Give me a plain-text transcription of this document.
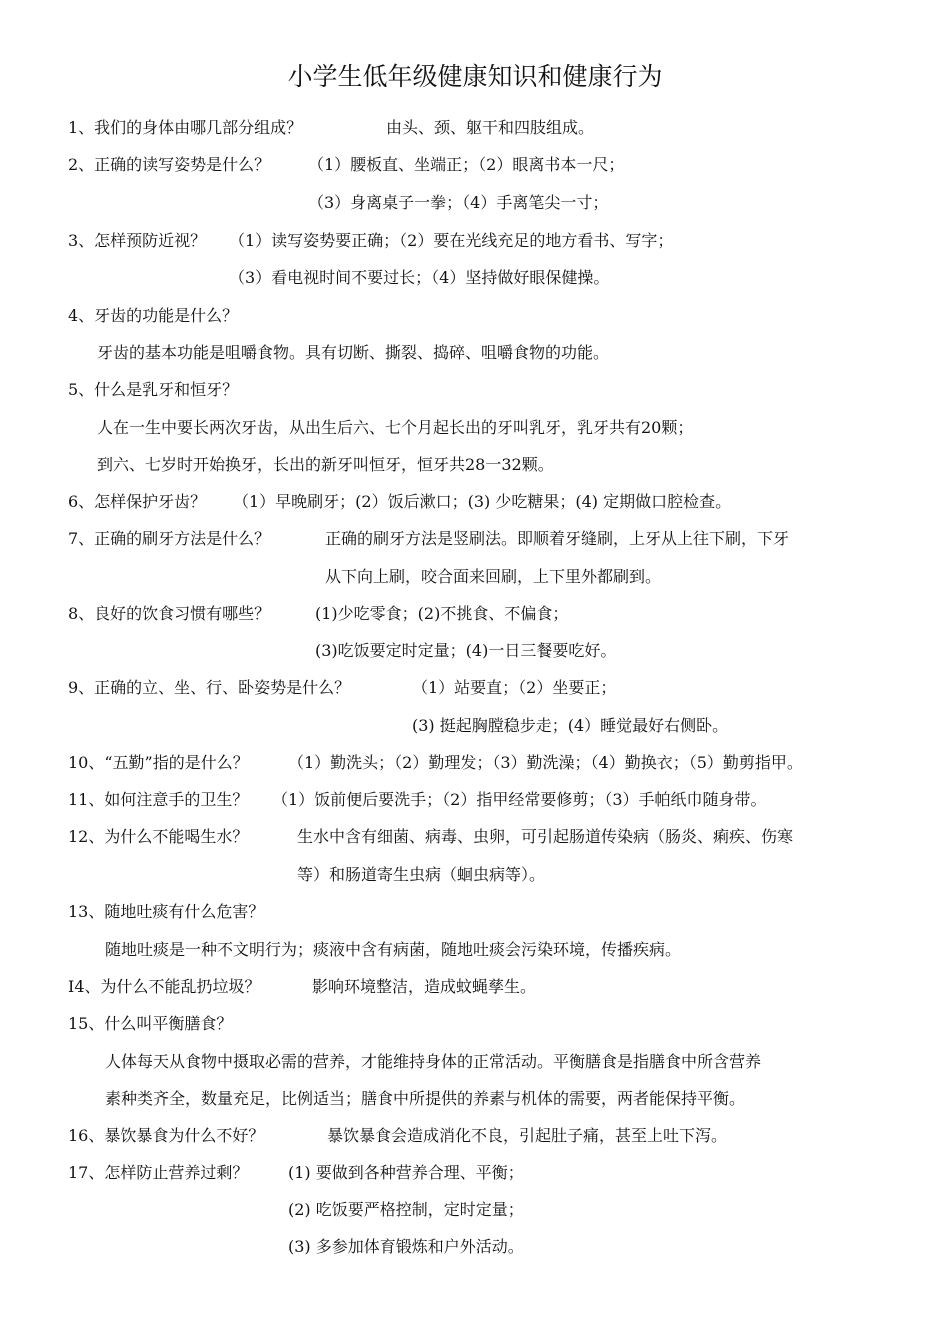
小学生低年级健康知识和健康行为
1、我们的身体由哪几部分组成？	由头、颈、躯干和四肢组成。
2、正确的读写姿势是什么？ （1）腰板直、坐端正；（2）眼离书本一尺；
（3）身离桌子一拳；（4）手离笔尖一寸；
3、怎样预防近视？ （1）读写姿势要正确；（2）要在光线充足的地方看书、写字；
（3）看电视时间不要过长；（4）坚持做好眼保健操。
4、牙齿的功能是什么？
牙齿的基本功能是咀嚼食物。具有切断、撕裂、捣碎、咀嚼食物的功能。
5、什么是乳牙和恒牙？
人在一生中要长两次牙齿，从出生后六、七个月起长出的牙叫乳牙，乳牙共有20颗；
到六、七岁时开始换牙，长出的新牙叫恒牙，恒牙共28一32颗。
6、怎样保护牙齿？ （1）早晚刷牙；(2）饭后漱口；(3) 少吃糖果；(4) 定期做口腔检查。
7、正确的刷牙方法是什么？	正确的刷牙方法是竖刷法。即顺着牙缝刷，上牙从上往下刷，下牙
从下向上刷，咬合面来回刷，上下里外都刷到。
8、良好的饮食习惯有哪些？	(1)少吃零食；(2)不挑食、不偏食；
(3)吃饭要定时定量；(4)一日三餐要吃好。
9、正确的立、坐、行、卧姿势是什么？	（1）站要直；（2）坐要正；
(3) 挺起胸膛稳步走；(4）睡觉最好右侧卧。
10、“五勤”指的是什么？ （1）勤洗头；（2）勤理发；（3）勤洗澡；（4）勤换衣；（5）勤剪指甲。
11、如何注意手的卫生？ （1）饭前便后要洗手；（2）指甲经常要修剪；（3）手帕纸巾随身带。
12、为什么不能喝生水？	生水中含有细菌、病毒、虫卵，可引起肠道传染病（肠炎、痢疾、伤寒
等）和肠道寄生虫病（蛔虫病等）。
13、随地吐痰有什么危害？
随地吐痰是一种不文明行为；痰液中含有病菌，随地吐痰会污染环境，传播疾病。
I4、为什么不能乱扔垃圾？	影响环境整洁，造成蚊蝇孳生。
15、什么叫平衡膳食？
人体每天从食物中摄取必需的营养，才能维持身体的正常活动。平衡膳食是指膳食中所含营养
素种类齐全，数量充足，比例适当；膳食中所提供的养素与机体的需要，两者能保持平衡。
16、暴饮暴食为什么不好？	暴饮暴食会造成消化不良，引起肚子痛，甚至上吐下泻。
17、怎样防止营养过剩？ (1) 要做到各种营养合理、平衡；
(2) 吃饭要严格控制，定时定量；
(3) 多参加体育锻炼和户外活动。
